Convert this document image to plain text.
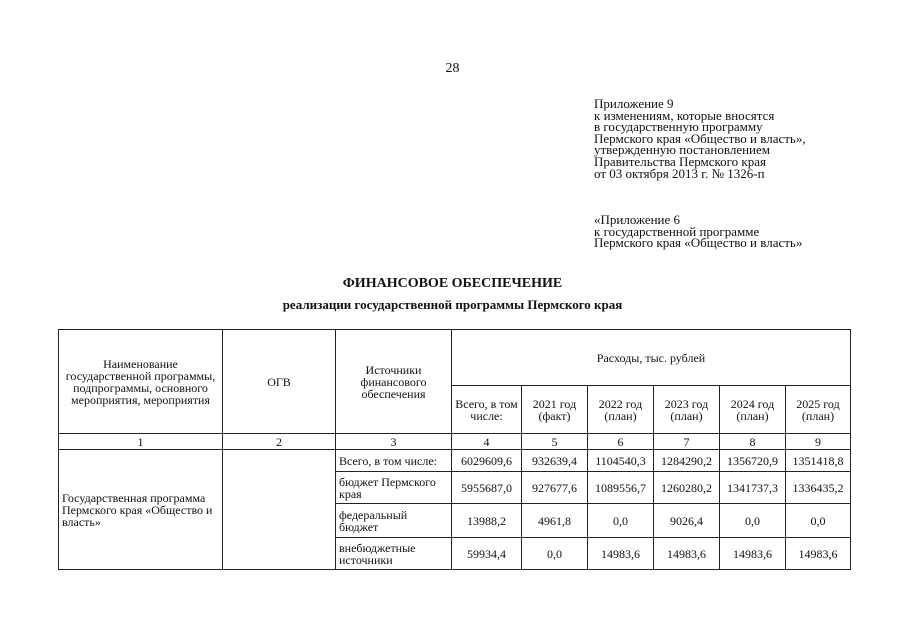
28
Приложение 9
к изменениям, которые вносятся
в государственную программу
Пермского края «Общество и власть»,
утвержденную постановлением
Правительства Пермского края
от 03 октября 2013 г. № 1326-п
«Приложение 6
к государственной программе
Пермского края «Общество и власть»
ФИНАНСОВОЕ ОБЕСПЕЧЕНИЕ
реализации государственной программы Пермского края
Наименование государственной программы, подпрограммы, основного мероприятия, мероприятия	ОГВ	Источники финансового обеспечения	Расходы, тыс. рублей					
			Всего, в том числе:	2021 год (факт)	2022 год (план)	2023 год (план)	2024 год (план)	2025 год (план)
1	2	3	4	5	6	7	8	9
Государственная программа Пермского края «Общество и власть»		Всего, в том числе:	6029609,6	932639,4	1104540,3	1284290,2	1356720,9	1351418,8
		бюджет Пермского края	5955687,0	927677,6	1089556,7	1260280,2	1341737,3	1336435,2
		федеральный бюджет	13988,2	4961,8	0,0	9026,4	0,0	0,0
		внебюджетные источники	59934,4	0,0	14983,6	14983,6	14983,6	14983,6
